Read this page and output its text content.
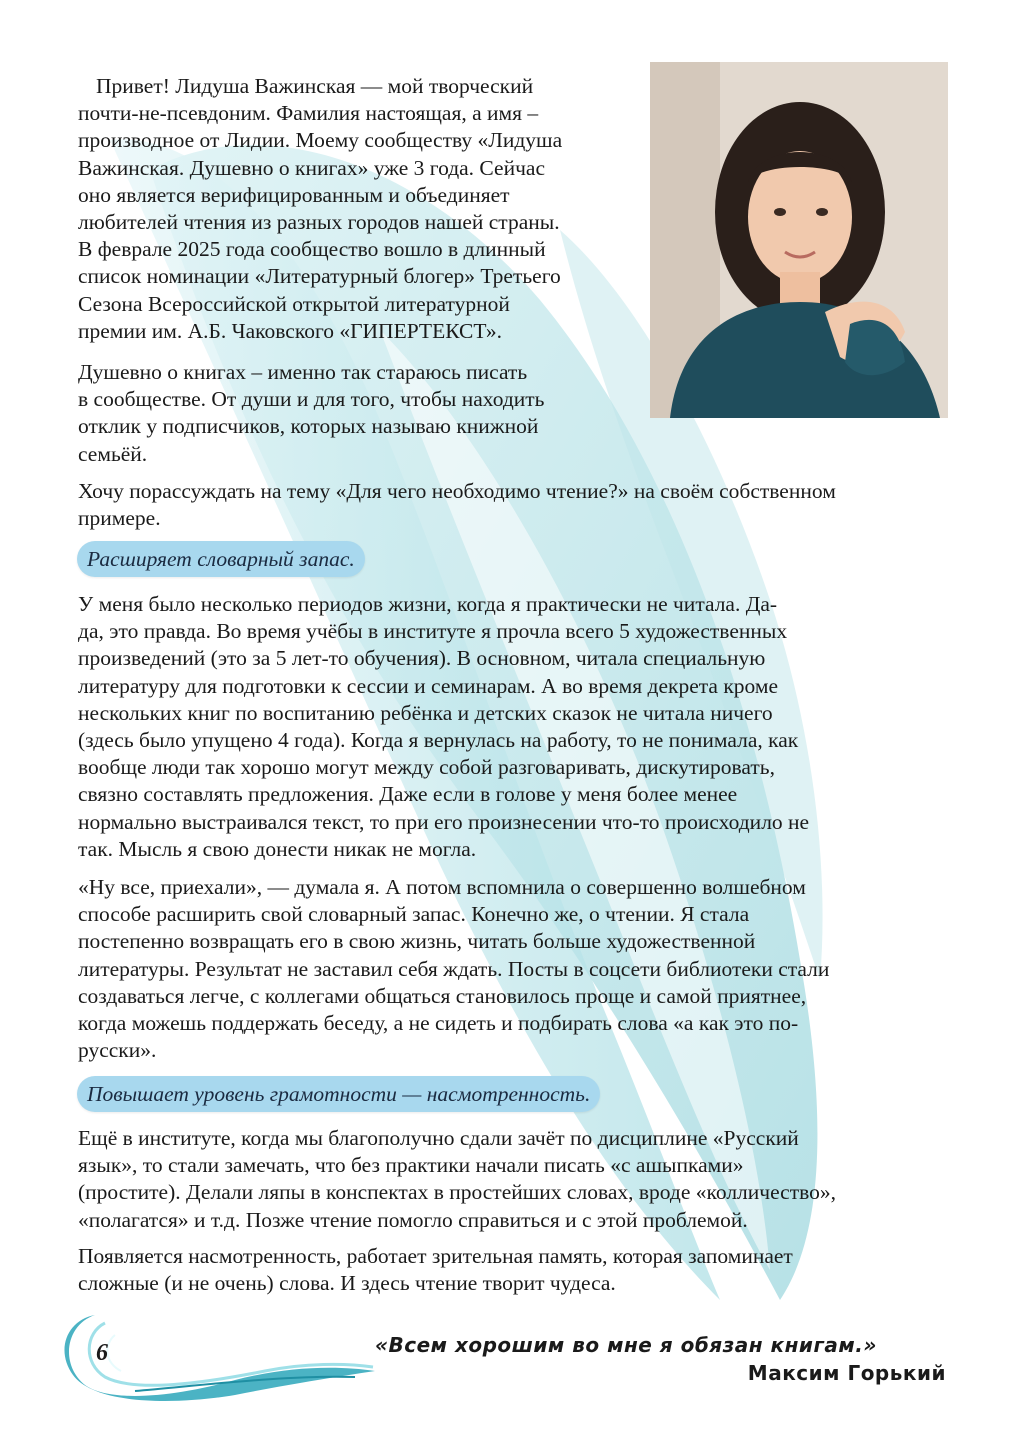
Привет! Лидуша Важинская — мой творческий
почти-не-псевдоним. Фамилия настоящая, а имя –
производное от Лидии. Моему сообществу «Лидуша
Важинская. Душевно о книгах» уже 3 года. Сейчас
оно является верифицированным и объединяет
любителей чтения из разных городов нашей страны.
В феврале 2025 года сообщество вошло в длинный
список номинации «Литературный блогер» Третьего
Сезона Всероссийской открытой литературной
премии им. А.Б. Чаковского «ГИПЕРТЕКСТ».

Душевно о книгах – именно так стараюсь писать
в сообществе. От души и для того, чтобы находить
отклик у подписчиков, которых называю книжной
семьёй.

Хочу порассуждать на тему «Для чего необходимо чтение?» на своём собственном
примере.

Расширяет словарный запас.

У меня было несколько периодов жизни, когда я практически не читала. Да-
да, это правда. Во время учёбы в институте я прочла всего 5 художественных
произведений (это за 5 лет-то обучения). В основном, читала специальную
литературу для подготовки к сессии и семинарам. А во время декрета кроме
нескольких книг по воспитанию ребёнка и детских сказок не читала ничего
(здесь было упущено 4 года). Когда я вернулась на работу, то не понимала, как
вообще люди так хорошо могут между собой разговаривать, дискутировать,
связно составлять предложения. Даже если в голове у меня более менее
нормально выстраивался текст, то при его произнесении что-то происходило не
так. Мысль я свою донести никак не могла.

«Ну все, приехали», — думала я. А потом вспомнила о совершенно волшебном
способе расширить свой словарный запас. Конечно же, о чтении. Я стала
постепенно возвращать его в свою жизнь, читать больше художественной
литературы. Результат не заставил себя ждать. Посты в соцсети библиотеки стали
создаваться легче, с коллегами общаться становилось проще и самой приятнее,
когда можешь поддержать беседу, а не сидеть и подбирать слова «а как это по-
русски».

Повышает уровень грамотности — насмотренность.

Ещё в институте, когда мы благополучно сдали зачёт по дисциплине «Русский
язык», то стали замечать, что без практики начали писать «с ашыпками»
(простите). Делали ляпы в конспектах в простейших словах, вроде «колличество»,
«полагатся» и т.д. Позже чтение помогло справиться и с этой проблемой.

Появляется насмотренность, работает зрительная память, которая запоминает
сложные (и не очень) слова. И здесь чтение творит чудеса.

6	«Всем хорошим во мне я обязан книгам.»
Максим Горький
